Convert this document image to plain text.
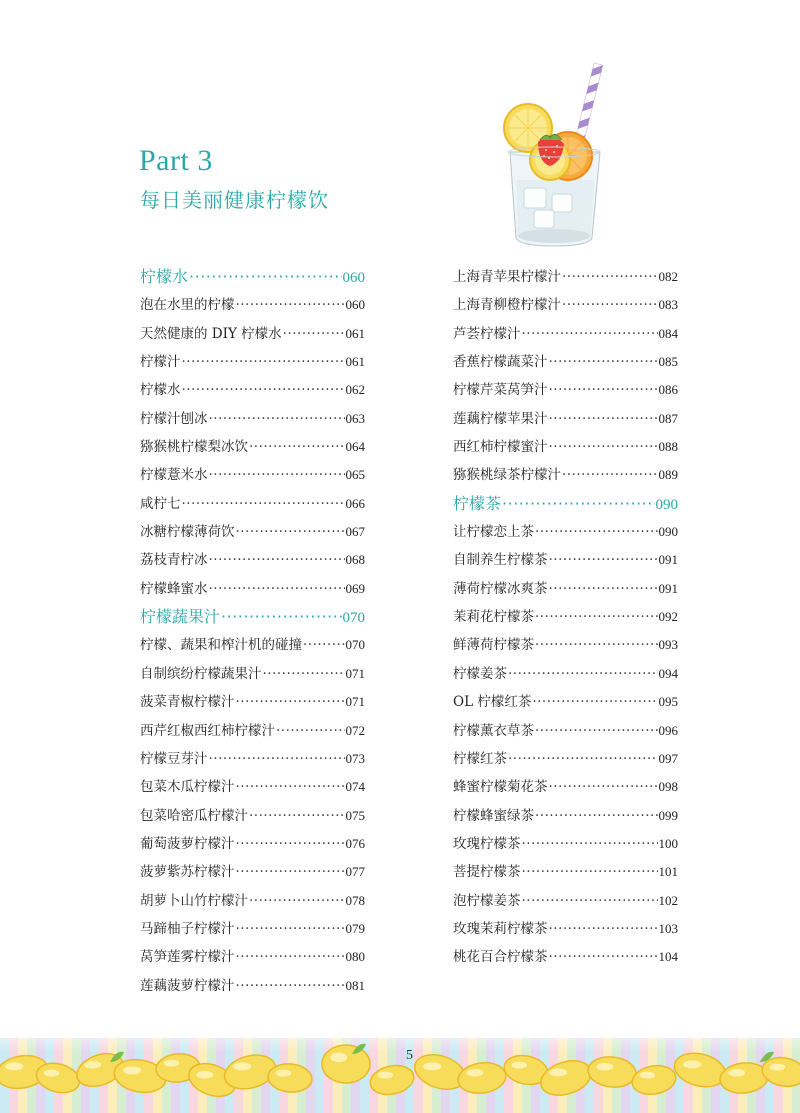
Part 3
每日美丽健康柠檬饮
柠檬水 ·····	060
泡在水里的柠檬 ·····	060
天然健康的 DIY 柠檬水 ·····	061
柠檬汁 ·····	061
柠檬水 ·····	062
柠檬汁刨冰 ·····	063
猕猴桃柠檬梨冰饮 ·····	064
柠檬薏米水 ·····	065
咸柠七 ·····	066
冰糖柠檬薄荷饮 ·····	067
荔枝青柠冰 ·····	068
柠檬蜂蜜水 ·····	069
柠檬蔬果汁 ·····	070
柠檬、蔬果和榨汁机的碰撞 ·····	070
自制缤纷柠檬蔬果汁 ·····	071
菠菜青椒柠檬汁 ·····	071
西芹红椒西红柿柠檬汁 ·····	072
柠檬豆芽汁 ·····	073
包菜木瓜柠檬汁 ·····	074
包菜哈密瓜柠檬汁 ·····	075
葡萄菠萝柠檬汁 ·····	076
菠萝紫苏柠檬汁 ·····	077
胡萝卜山竹柠檬汁 ·····	078
马蹄柚子柠檬汁 ·····	079
莴笋莲雾柠檬汁 ·····	080
莲藕菠萝柠檬汁 ·····	081
上海青苹果柠檬汁 ·····	082
上海青柳橙柠檬汁 ·····	083
芦荟柠檬汁 ·····	084
香蕉柠檬蔬菜汁 ·····	085
柠檬芹菜莴笋汁 ·····	086
莲藕柠檬苹果汁 ·····	087
西红柿柠檬蜜汁 ·····	088
猕猴桃绿茶柠檬汁 ·····	089
柠檬茶 ·····	090
让柠檬恋上茶 ·····	090
自制养生柠檬茶 ·····	091
薄荷柠檬冰爽茶 ·····	091
茉莉花柠檬茶 ·····	092
鲜薄荷柠檬茶 ·····	093
柠檬姜茶 ·····	094
OL 柠檬红茶 ·····	095
柠檬薰衣草茶 ·····	096
柠檬红茶 ·····	097
蜂蜜柠檬菊花茶 ·····	098
柠檬蜂蜜绿茶 ·····	099
玫瑰柠檬茶 ·····	100
菩提柠檬茶 ·····	101
泡柠檬姜茶 ·····	102
玫瑰茉莉柠檬茶 ·····	103
桃花百合柠檬茶 ·····	104
5
